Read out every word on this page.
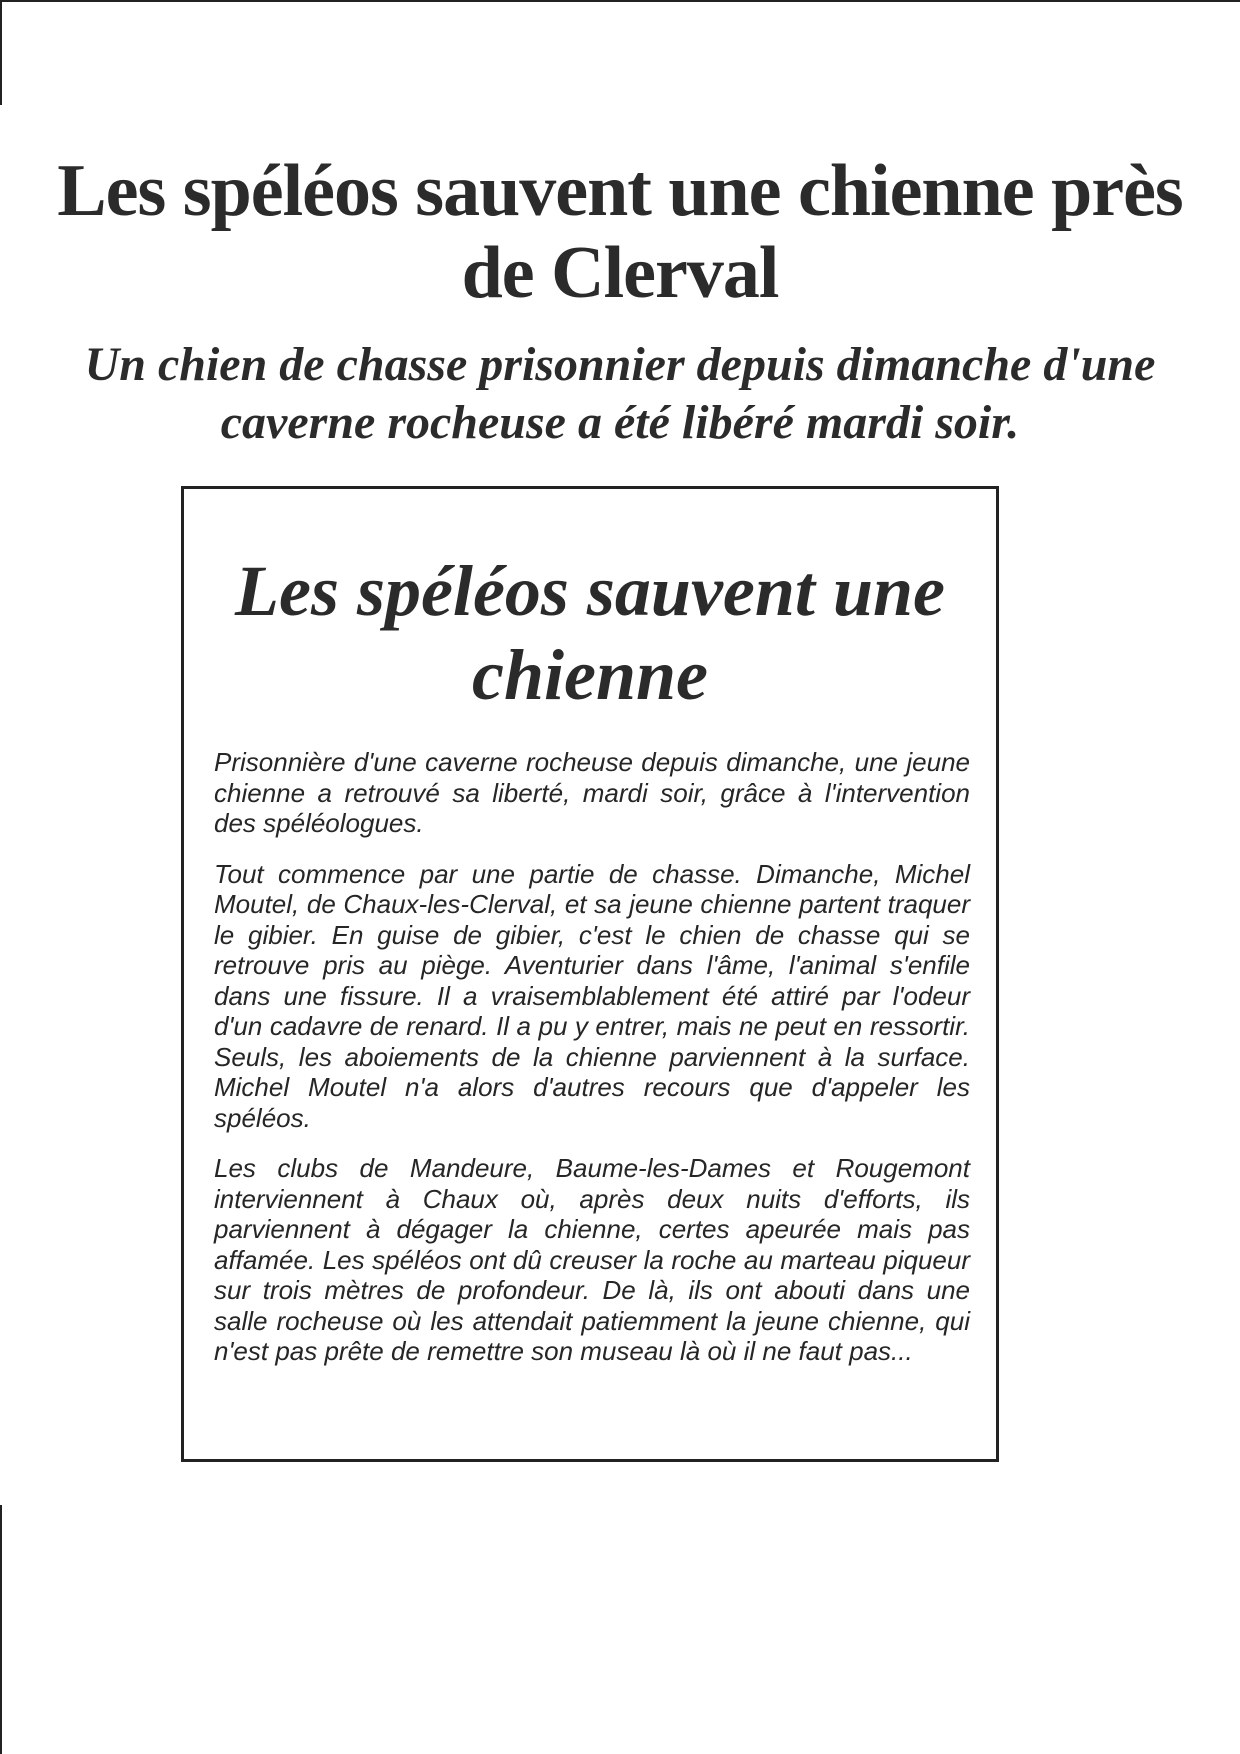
Les spéléos sauvent une chienne près de Clerval
Un chien de chasse prisonnier depuis dimanche d'une caverne rocheuse a été libéré mardi soir.
Les spéléos sauvent une chienne

Prisonnière d'une caverne rocheuse depuis dimanche, une jeune chienne a retrouvé sa liberté, mardi soir, grâce à l'intervention des spéléologues.

Tout commence par une partie de chasse. Dimanche, Michel Moutel, de Chaux-les-Clerval, et sa jeune chienne partent traquer le gibier. En guise de gibier, c'est le chien de chasse qui se retrouve pris au piège. Aventurier dans l'âme, l'animal s'enfile dans une fissure. Il a vraisemblablement été attiré par l'odeur d'un cadavre de renard. Il a pu y entrer, mais ne peut en ressortir. Seuls, les aboiements de la chienne parviennent à la surface. Michel Moutel n'a alors d'autres recours que d'appeler les spéléos.

Les clubs de Mandeure, Baume-les-Dames et Rougemont interviennent à Chaux où, après deux nuits d'efforts, ils parviennent à dégager la chienne, certes apeurée mais pas affamée. Les spéléos ont dû creuser la roche au marteau piqueur sur trois mètres de profondeur. De là, ils ont abouti dans une salle rocheuse où les attendait patiemment la jeune chienne, qui n'est pas prête de remettre son museau là où il ne faut pas...
